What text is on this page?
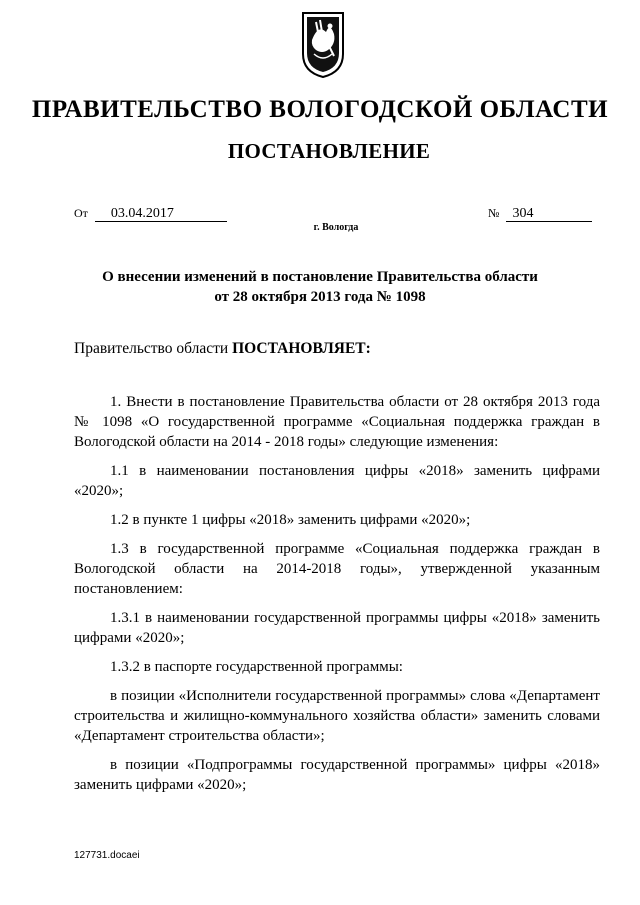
ПРАВИТЕЛЬСТВО ВОЛОГОДСКОЙ ОБЛАСТИ
ПОСТАНОВЛЕНИЕ
От 03.04.2017	№ 304
г. Вологда
О внесении изменений в постановление Правительства области
от 28 октября 2013 года № 1098

Правительство области ПОСТАНОВЛЯЕТ:

1. Внести в постановление Правительства области от 28 октября 2013 года № 1098 «О государственной программе «Социальная поддержка граждан в Вологодской области на 2014 - 2018 годы» следующие изменения:

1.1 в наименовании постановления цифры «2018» заменить цифрами «2020»;

1.2 в пункте 1 цифры «2018» заменить цифрами «2020»;

1.3 в государственной программе «Социальная поддержка граждан в Вологодской области на 2014-2018 годы», утвержденной указанным постановлением:

1.3.1 в наименовании государственной программы цифры «2018» заменить цифрами «2020»;

1.3.2 в паспорте государственной программы:

в позиции «Исполнители государственной программы» слова «Департамент строительства и жилищно-коммунального хозяйства области» заменить словами «Департамент строительства области»;

в позиции «Подпрограммы государственной программы» цифры «2018» заменить цифрами «2020»;

127731.docaei
